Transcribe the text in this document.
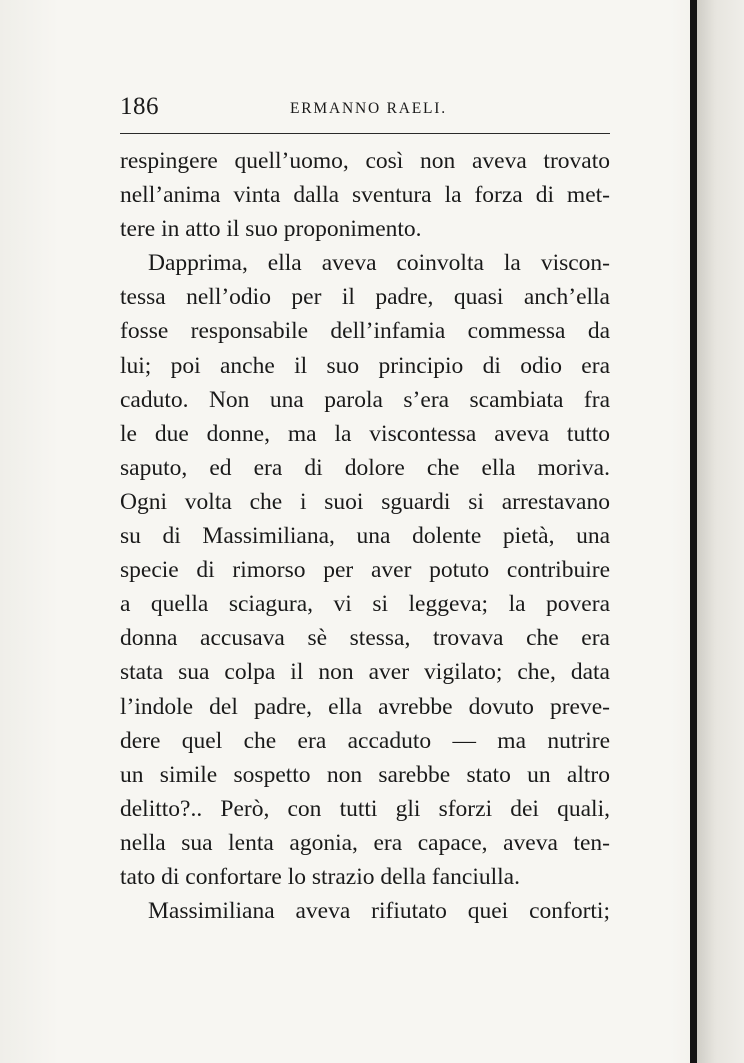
186	ERMANNO RAELI.
respingere quell’uomo, così non aveva trovato
nell’anima vinta dalla sventura la forza di met-
tere in atto il suo proponimento.
Dapprima, ella aveva coinvolta la viscon-
tessa nell’odio per il padre, quasi anch’ella
fosse responsabile dell’infamia commessa da
lui; poi anche il suo principio di odio era
caduto. Non una parola s’era scambiata fra
le due donne, ma la viscontessa aveva tutto
saputo, ed era di dolore che ella moriva.
Ogni volta che i suoi sguardi si arrestavano
su di Massimiliana, una dolente pietà, una
specie di rimorso per aver potuto contribuire
a quella sciagura, vi si leggeva; la povera
donna accusava sè stessa, trovava che era
stata sua colpa il non aver vigilato; che, data
l’indole del padre, ella avrebbe dovuto preve-
dere quel che era accaduto — ma nutrire
un simile sospetto non sarebbe stato un altro
delitto?.. Però, con tutti gli sforzi dei quali,
nella sua lenta agonia, era capace, aveva ten-
tato di confortare lo strazio della fanciulla.
Massimiliana aveva rifiutato quei conforti;
